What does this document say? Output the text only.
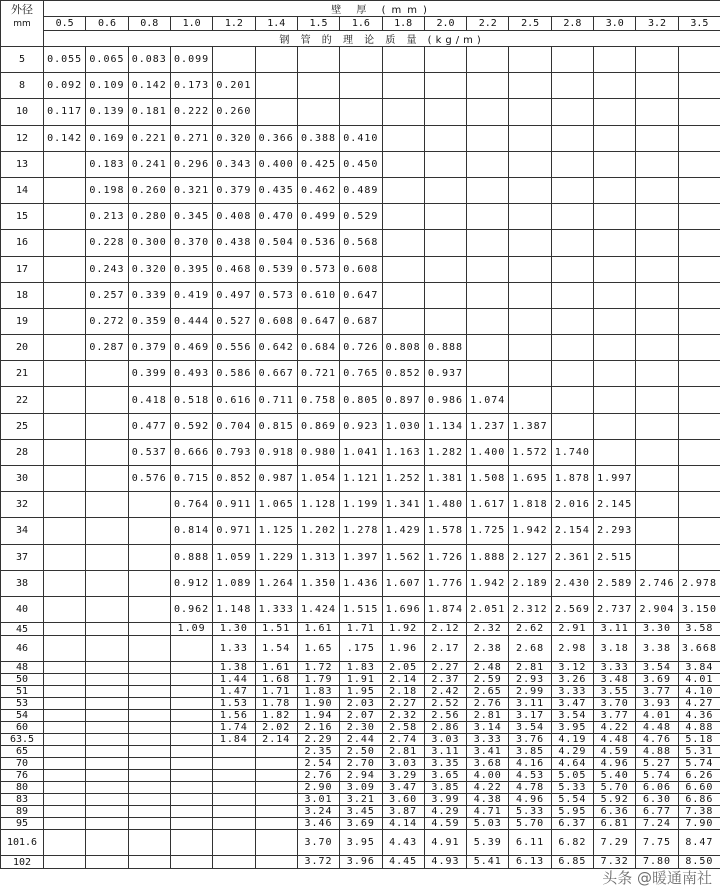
外径
mm	壁 厚 (mm)															
	0.5	0.6	0.8	1.0	1.2	1.4	1.5	1.6	1.8	2.0	2.2	2.5	2.8	3.0	3.2	3.5
	钢 管 的 理 论 质 量 (kg/m)															
5	0.055	0.065	0.083	0.099												
8	0.092	0.109	0.142	0.173	0.201											
10	0.117	0.139	0.181	0.222	0.260											
12	0.142	0.169	0.221	0.271	0.320	0.366	0.388	0.410								
13		0.183	0.241	0.296	0.343	0.400	0.425	0.450								
14		0.198	0.260	0.321	0.379	0.435	0.462	0.489								
15		0.213	0.280	0.345	0.408	0.470	0.499	0.529								
16		0.228	0.300	0.370	0.438	0.504	0.536	0.568								
17		0.243	0.320	0.395	0.468	0.539	0.573	0.608								
18		0.257	0.339	0.419	0.497	0.573	0.610	0.647								
19		0.272	0.359	0.444	0.527	0.608	0.647	0.687								
20		0.287	0.379	0.469	0.556	0.642	0.684	0.726	0.808	0.888						
21			0.399	0.493	0.586	0.667	0.721	0.765	0.852	0.937						
22			0.418	0.518	0.616	0.711	0.758	0.805	0.897	0.986	1.074					
25			0.477	0.592	0.704	0.815	0.869	0.923	1.030	1.134	1.237	1.387				
28			0.537	0.666	0.793	0.918	0.980	1.041	1.163	1.282	1.400	1.572	1.740			
30			0.576	0.715	0.852	0.987	1.054	1.121	1.252	1.381	1.508	1.695	1.878	1.997		
32				0.764	0.911	1.065	1.128	1.199	1.341	1.480	1.617	1.818	2.016	2.145		
34				0.814	0.971	1.125	1.202	1.278	1.429	1.578	1.725	1.942	2.154	2.293		
37				0.888	1.059	1.229	1.313	1.397	1.562	1.726	1.888	2.127	2.361	2.515		
38				0.912	1.089	1.264	1.350	1.436	1.607	1.776	1.942	2.189	2.430	2.589	2.746	2.978
40				0.962	1.148	1.333	1.424	1.515	1.696	1.874	2.051	2.312	2.569	2.737	2.904	3.150
45				1.09	1.30	1.51	1.61	1.71	1.92	2.12	2.32	2.62	2.91	3.11	3.30	3.58
46					1.33	1.54	1.65	.175	1.96	2.17	2.38	2.68	2.98	3.18	3.38	3.668
48					1.38	1.61	1.72	1.83	2.05	2.27	2.48	2.81	3.12	3.33	3.54	3.84
50					1.44	1.68	1.79	1.91	2.14	2.37	2.59	2.93	3.26	3.48	3.69	4.01
51					1.47	1.71	1.83	1.95	2.18	2.42	2.65	2.99	3.33	3.55	3.77	4.10
53					1.53	1.78	1.90	2.03	2.27	2.52	2.76	3.11	3.47	3.70	3.93	4.27
54					1.56	1.82	1.94	2.07	2.32	2.56	2.81	3.17	3.54	3.77	4.01	4.36
60					1.74	2.02	2.16	2.30	2.58	2.86	3.14	3.54	3.95	4.22	4.48	4.88
63.5					1.84	2.14	2.29	2.44	2.74	3.03	3.33	3.76	4.19	4.48	4.76	5.18
65							2.35	2.50	2.81	3.11	3.41	3.85	4.29	4.59	4.88	5.31
70							2.54	2.70	3.03	3.35	3.68	4.16	4.64	4.96	5.27	5.74
76							2.76	2.94	3.29	3.65	4.00	4.53	5.05	5.40	5.74	6.26
80							2.90	3.09	3.47	3.85	4.22	4.78	5.33	5.70	6.06	6.60
83							3.01	3.21	3.60	3.99	4.38	4.96	5.54	5.92	6.30	6.86
89							3.24	3.45	3.87	4.29	4.71	5.33	5.95	6.36	6.77	7.38
95							3.46	3.69	4.14	4.59	5.03	5.70	6.37	6.81	7.24	7.90
101.6							3.70	3.95	4.43	4.91	5.39	6.11	6.82	7.29	7.75	8.47
102							3.72	3.96	4.45	4.93	5.41	6.13	6.85	7.32	7.80	8.50
头条 @暖通南社
